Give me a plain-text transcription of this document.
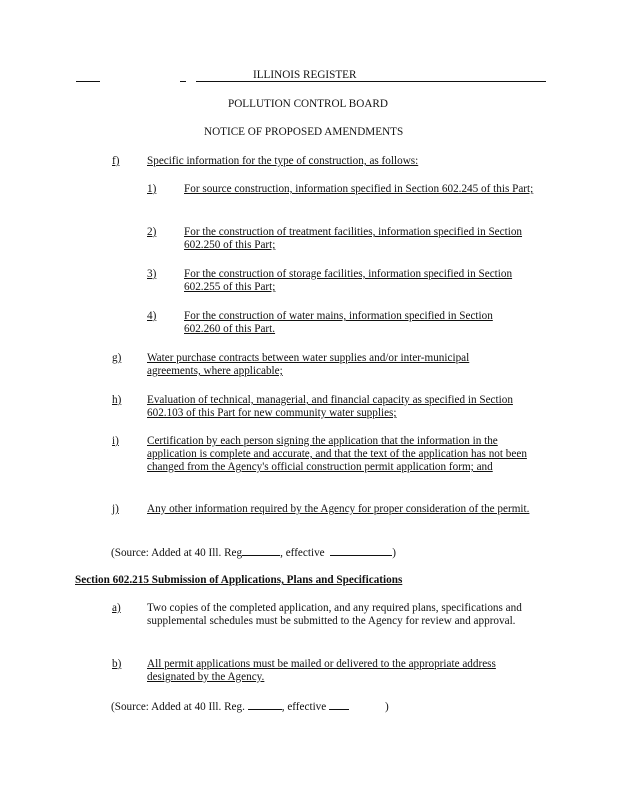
ILLINOIS REGISTER
POLLUTION CONTROL BOARD
NOTICE OF PROPOSED AMENDMENTS
f) Specific information for the type of construction, as follows:
1) For source construction, information specified in Section 602.245 of this Part;
2) For the construction of treatment facilities, information specified in Section 602.250 of this Part;
3) For the construction of storage facilities, information specified in Section 602.255 of this Part;
4) For the construction of water mains, information specified in Section 602.260 of this Part.
g) Water purchase contracts between water supplies and/or inter-municipal agreements, where applicable;
h) Evaluation of technical, managerial, and financial capacity as specified in Section 602.103 of this Part for new community water supplies;
i)	Certification by each person signing the application that the information in the application is complete and accurate, and that the text of the application has not been changed from the Agency's official construction permit application form; and
j)	Any other information required by the Agency for proper consideration of the permit.
(Source: Added at 40 Ill. Reg	, effective	)
Section 602.215 Submission of Applications, Plans and Specifications
a) Two copies of the completed application, and any required plans, specifications and supplemental schedules must be submitted to the Agency for review and approval.
b) All permit applications must be mailed or delivered to the appropriate address designated by the Agency.
(Source: Added at 40 Ill. Reg.	, effective	)
